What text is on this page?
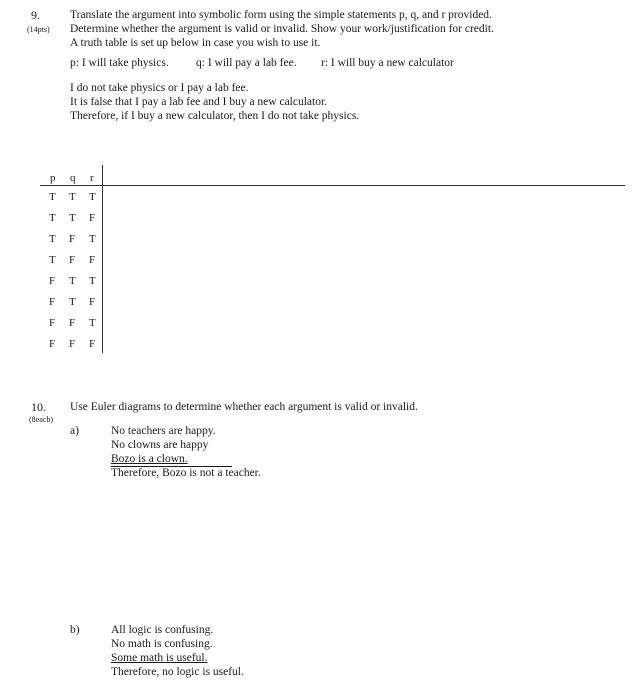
9.
(14pts)
Translate the argument into symbolic form using the simple statements p, q, and r provided.
Determine whether the argument is valid or invalid. Show your work/justification for credit.
A truth table is set up below in case you wish to use it.
p: I will take physics. q: I will pay a lab fee. r: I will buy a new calculator
I do not take physics or I pay a lab fee.
It is false that I pay a lab fee and I buy a new calculator.
Therefore, if I buy a new calculator, then I do not take physics.
p q r
T T T
T T F
T F T
T F F
F T T
F T F
F F T
F F F
10.
(8each)
Use Euler diagrams to determine whether each argument is valid or invalid.
a)	No teachers are happy.
No clowns are happy
Bozo is a clown.
Therefore, Bozo is not a teacher.
b)	All logic is confusing.
No math is confusing.
Some math is useful.
Therefore, no logic is useful.
